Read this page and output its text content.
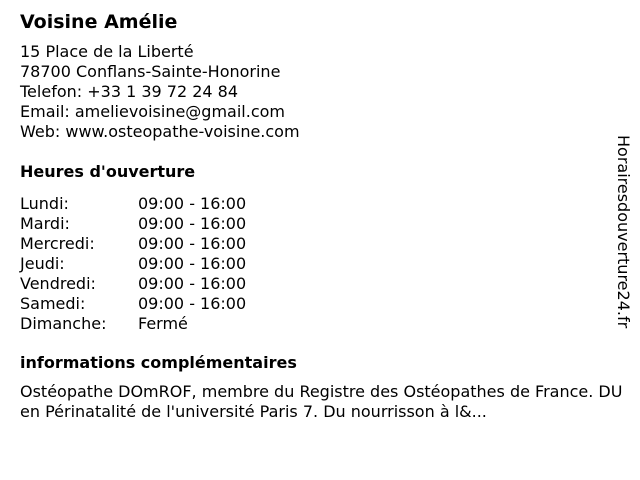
Voisine Amélie
15 Place de la Liberté
78700 Conflans-Sainte-Honorine
Telefon: +33 1 39 72 24 84
Email: amelievoisine@gmail.com
Web: www.osteopathe-voisine.com
Heures d'ouverture
Lundi:	09:00 - 16:00
Mardi:	09:00 - 16:00
Mercredi:	09:00 - 16:00
Jeudi:	09:00 - 16:00
Vendredi:	09:00 - 16:00
Samedi:	09:00 - 16:00
Dimanche:	Fermé
informations complémentaires
Ostéopathe DOmROF, membre du Registre des Ostéopathes de France. DU en Périnatalité de l'université Paris 7. Du nourrisson à l&...
Horairesdouverture24.fr
